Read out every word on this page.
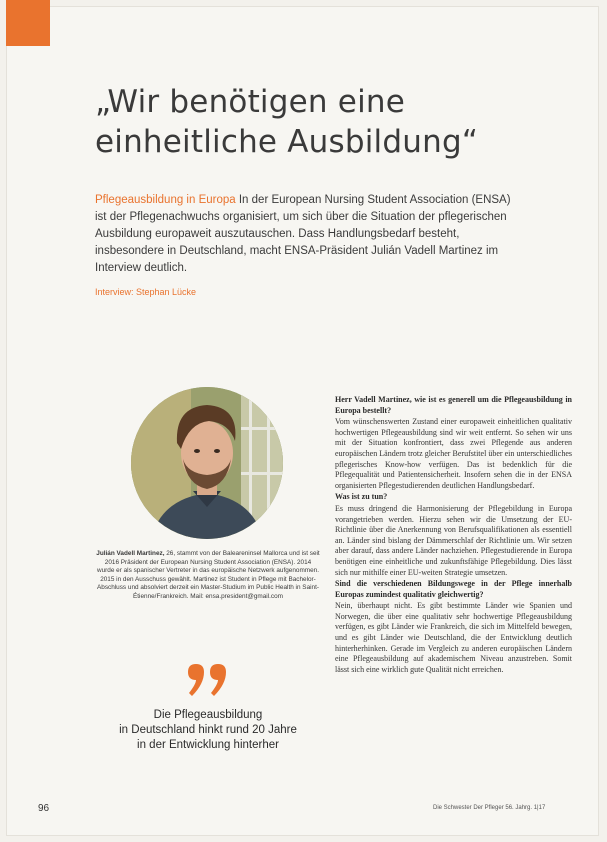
„Wir benötigen eine
einheitliche Ausbildung“

Pflegeausbildung in Europa In der European Nursing Student Association (ENSA) ist der Pflegenachwuchs organisiert, um sich über die Situation der pflegerischen Ausbildung europaweit auszutauschen. Dass Handlungsbedarf besteht, insbesondere in Deutschland, macht ENSA-Präsident Julián Vadell Martinez im Interview deutlich.

Interview: Stephan Lücke

Julián Vadell Martinez, 26, stammt von der Baleareninsel Mallorca und ist seit 2016 Präsident der European Nursing Student Association (ENSA). 2014 wurde er als spanischer Vertreter in das europäische Netzwerk aufgenommen. 2015 in den Ausschuss gewählt. Martinez ist Student in Pflege mit Bachelor-Abschluss und absolviert derzeit ein Master-Studium im Public Health in Saint-Étienne/Frankreich. Mail: ensa.president@gmail.com

Die Pflegeausbildung
in Deutschland hinkt rund 20 Jahre
in der Entwicklung hinterher

Herr Vadell Martinez, wie ist es generell um die Pflegeausbildung in Europa bestellt?

Vom wünschenswerten Zustand einer europaweit einheitlichen qualitativ hochwertigen Pflegeausbildung sind wir weit entfernt. So sehen wir uns mit der Situation konfrontiert, dass zwei Pflegende aus anderen europäischen Ländern trotz gleicher Berufstitel über ein unterschiedliches pflegerisches Know-how verfügen. Das ist bedenklich für die Pflegequalität und Patientensicherheit. Insofern sehen die in der ENSA organisierten Pflegestudierenden deutlichen Handlungsbedarf.

Was ist zu tun?

Es muss dringend die Harmonisierung der Pflegebildung in Europa vorangetrieben werden. Hierzu sehen wir die Umsetzung der EU-Richtlinie über die Anerkennung von Berufsqualifikationen als essentiell an. Länder sind bislang der Dämmerschlaf der Richtlinie um. Wir setzen aber darauf, dass andere Länder nachziehen. Pflegestudierende in Europa benötigen eine einheitliche und zukunftsfähige Pflegebildung. Dies lässt sich nur mithilfe einer EU-weiten Strategie umsetzen.

Sind die verschiedenen Bildungswege in der Pflege innerhalb Europas zumindest qualitativ gleichwertig?

Nein, überhaupt nicht. Es gibt bestimmte Länder wie Spanien und Norwegen, die über eine qualitativ sehr hochwertige Pflegeausbildung verfügen, es gibt Länder wie Frankreich, die sich im Mittelfeld bewegen, und es gibt Länder wie Deutschland, die der Entwicklung deutlich hinterherhinken. Gerade im Vergleich zu anderen europäischen Ländern eine Pflegeausbildung auf akademischem Niveau anzustreben. Somit lässt sich eine wirklich gute Qualität nicht erreichen.

96	Die Schwester Der Pfleger 56. Jahrg. 1|17
